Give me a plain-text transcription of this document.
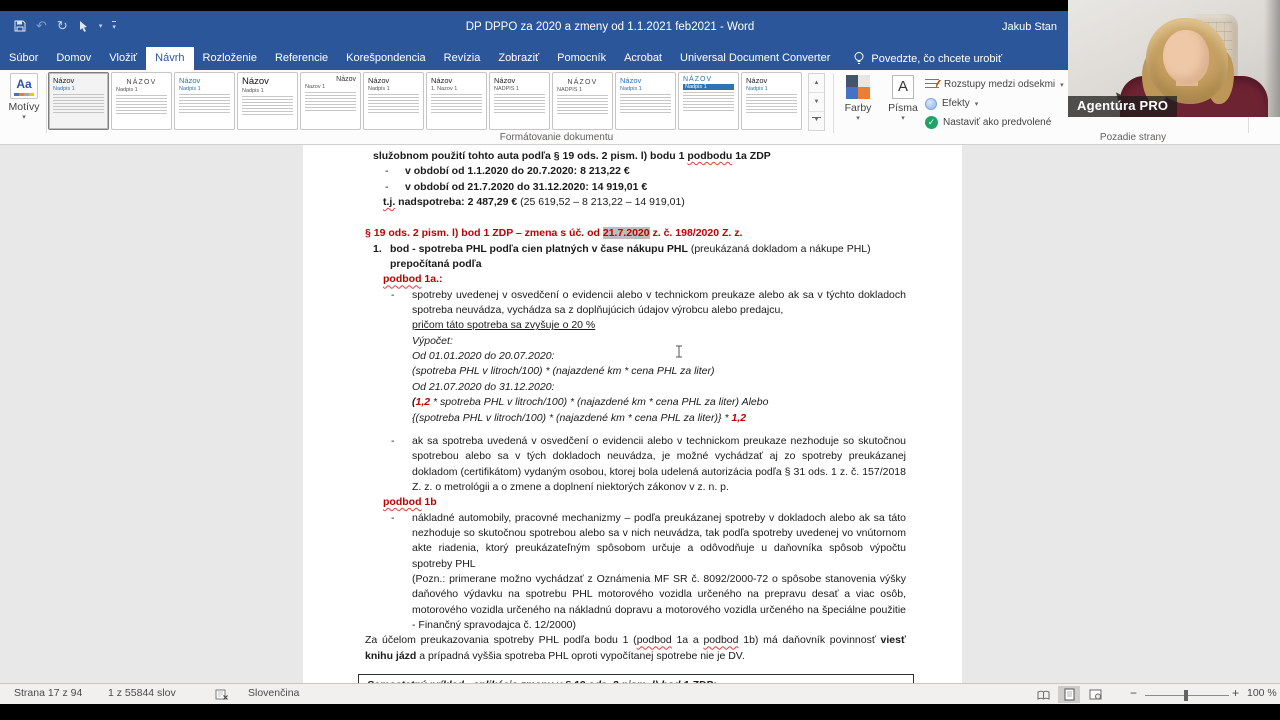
↶ ↻	▾ ▾	DP DPPO za 2020 a zmeny od 1.1.2021 feb2021 - Word	Jakub Stan
Súbor	Domov	Vložiť	Návrh	Rozloženie	Referencie	Korešpondencia	Revízia	Zobraziť	Pomocník	Acrobat	Universal Document Converter	Povedzte, čo chcete urobiť
Aa
Motívy
▾
Názov
Nadpis 1
NÁZOV
Nadpis 1
Názov
Nadpis 1
Názov
Nadpis 1
Názov
Nazov 1
Názov
Nadpis 1
Názov
1. Nazov 1
Názov
NADPIS 1
NÁZOV
NADPIS 1
Názov
Nadpis 1
NÁZOV
Nadpis 1
Názov
Nadpis 1
▲
▼
▼
Farby
▾
A
Písma
▾
Rozstupy medzi odsekmi ▾
Efekty ▾
✓ Nastaviť ako predvolené
Formátovanie dokumentu	Pozadie strany
služobnom použití tohto auta podľa § 19 ods. 2 pism. l) bodu 1 podbodu 1a ZDP
- v období od 1.1.2020 do 20.7.2020: 8 213,22 €
- v období od 21.7.2020 do 31.12.2020: 14 919,01 €
t.j. nadspotreba: 2 487,29 € (25 619,52 – 8 213,22 – 14 919,01)
§ 19 ods. 2 pism. l) bod 1 ZDP – zmena s úč. od 21.7.2020 z. č. 198/2020 Z. z.
1. bod - spotreba PHL podľa cien platných v čase nákupu PHL (preukázaná dokladom a nákupe PHL)
prepočítaná podľa
podbod 1a.:
- spotreby uvedenej v osvedčení o evidencii alebo v technickom preukaze alebo ak sa v týchto dokladoch spotreba neuvádza, vychádza sa z doplňujúcich údajov výrobcu alebo predajcu,
pričom táto spotreba sa zvyšuje o 20 %
Výpočet:
Od 01.01.2020 do 20.07.2020:
(spotreba PHL v litroch/100) * (najazdené km * cena PHL za liter)
Od 21.07.2020 do 31.12.2020:
(1,2 * spotreba PHL v litroch/100) * (najazdené km * cena PHL za liter) Alebo
{(spotreba PHL v litroch/100) * (najazdené km * cena PHL za liter)} * 1,2
- ak sa spotreba uvedená v osvedčení o evidencii alebo v technickom preukaze nezhoduje so skutočnou spotrebou alebo sa v tých dokladoch neuvádza, je možné vychádzať aj zo spotreby preukázanej dokladom (certifikátom) vydaným osobou, ktorej bola udelená autorizácia podľa § 31 ods. 1 z. č. 157/2018 Z. z. o metrológii a o zmene a doplnení niektorých zákonov v z. n. p.
podbod 1b
- nákladné automobily, pracovné mechanizmy – podľa preukázanej spotreby v dokladoch alebo ak sa táto nezhoduje so skutočnou spotrebou alebo sa v nich neuvádza, tak podľa spotreby uvedenej vo vnútornom akte riadenia, ktorý preukázateľným spôsobom určuje a odôvodňuje u daňovníka spôsob výpočtu spotreby PHL
(Pozn.: primerane možno vychádzať z Oznámenia MF SR č. 8092/2000-72 o spôsobe stanovenia výšky daňového výdavku na spotrebu PHL motorového vozidla určeného na prepravu desať a viac osôb, motorového vozidla určeného na nákladnú dopravu a motorového vozidla určeného na špeciálne použitie - Finančný spravodajca č. 12/2000)
Za účelom preukazovania spotreby PHL podľa bodu 1 (podbod 1a a podbod 1b) má daňovník povinnosť viesť knihu jázd a prípadná vyššia spotreba PHL oproti vypočítanej spotrebe nie je DV.
Strana 17 z 94 1 z 55844 slov	Slovenčina	−	+ 100 %
Agentúra PRO
